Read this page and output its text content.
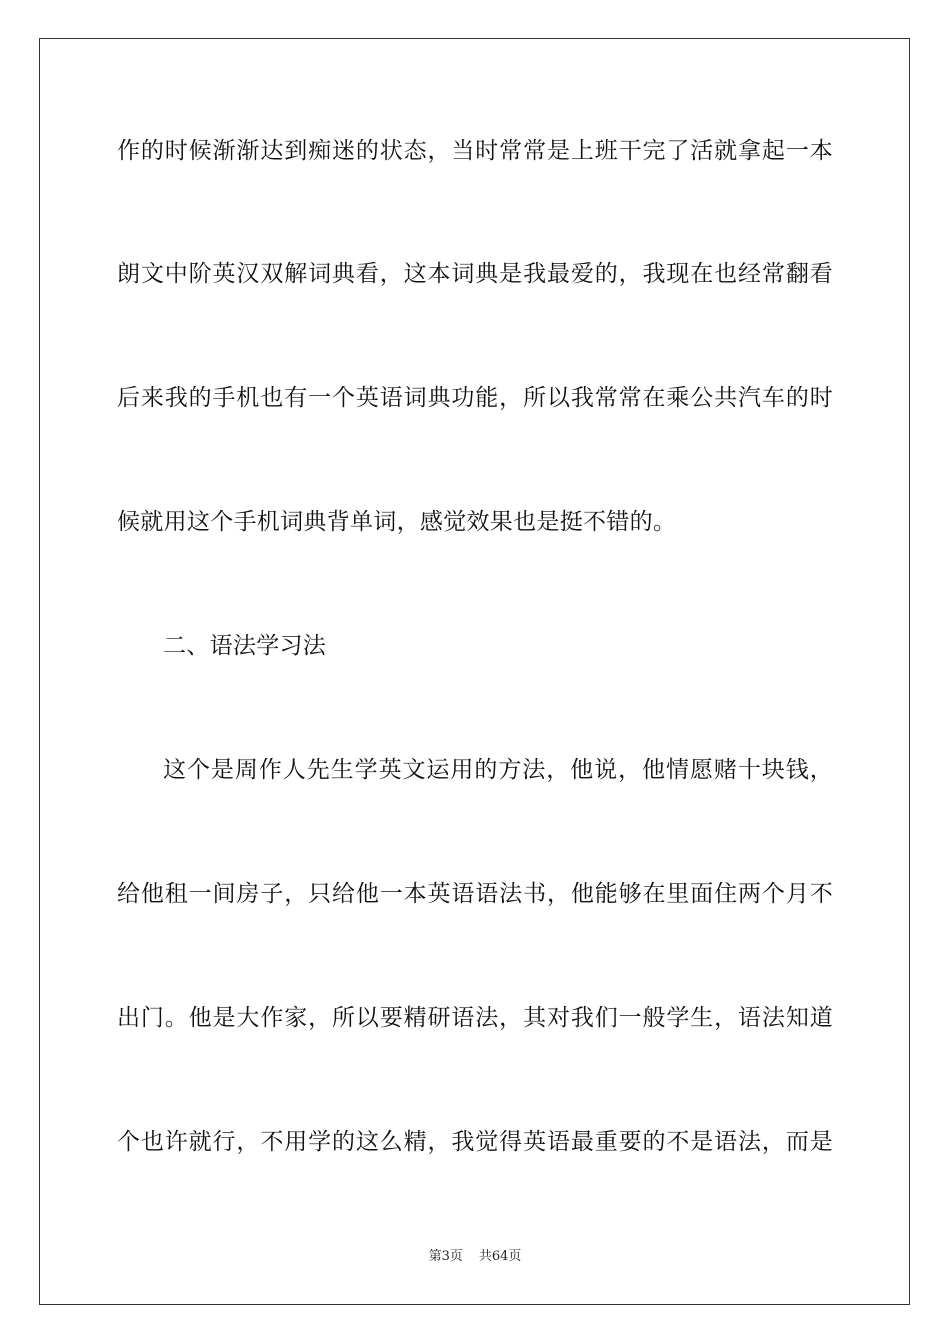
作的时候渐渐达到痴迷的状态，当时常常是上班干完了活就拿起一本
朗文中阶英汉双解词典看，这本词典是我最爱的，我现在也经常翻看
后来我的手机也有一个英语词典功能，所以我常常在乘公共汽车的时
候就用这个手机词典背单词，感觉效果也是挺不错的。
二、语法学习法
这个是周作人先生学英文运用的方法，他说，他情愿赌十块钱，
给他租一间房子，只给他一本英语语法书，他能够在里面住两个月不
出门。他是大作家，所以要精研语法，其对我们一般学生，语法知道
个也许就行，不用学的这么精，我觉得英语最重要的不是语法，而是
第3页 共64页
